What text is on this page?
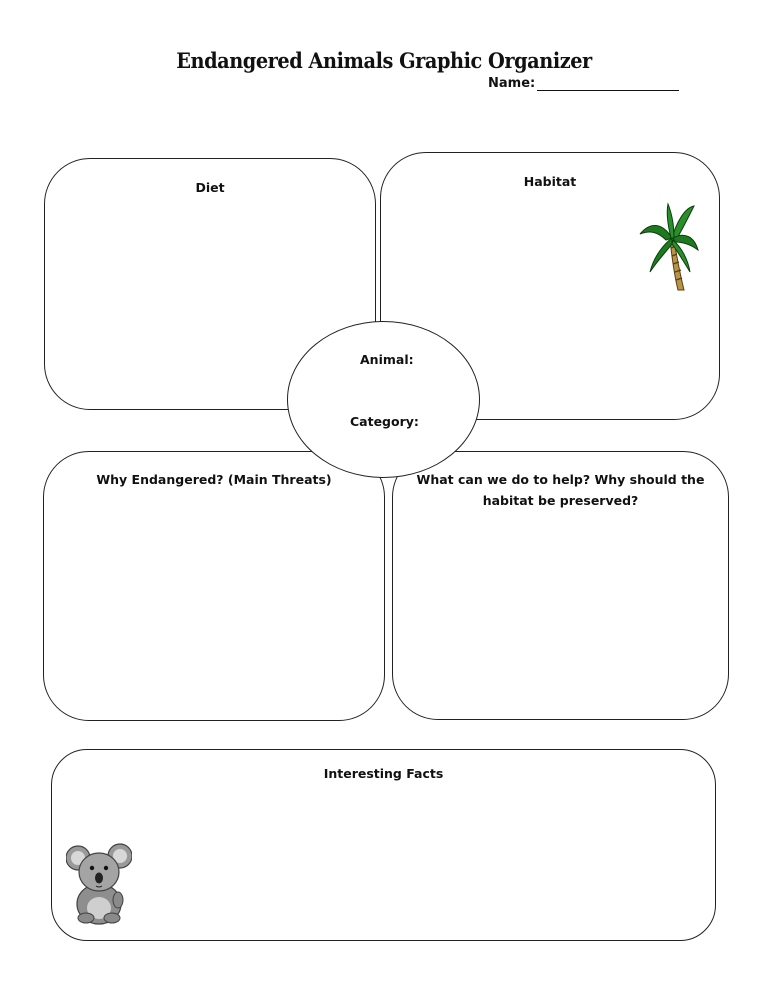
Endangered Animals Graphic Organizer
Name:
Diet	Habitat
Why Endangered? (Main Threats)	What can we do to help? Why should the habitat be preserved?
Animal:
Category:
Interesting Facts
